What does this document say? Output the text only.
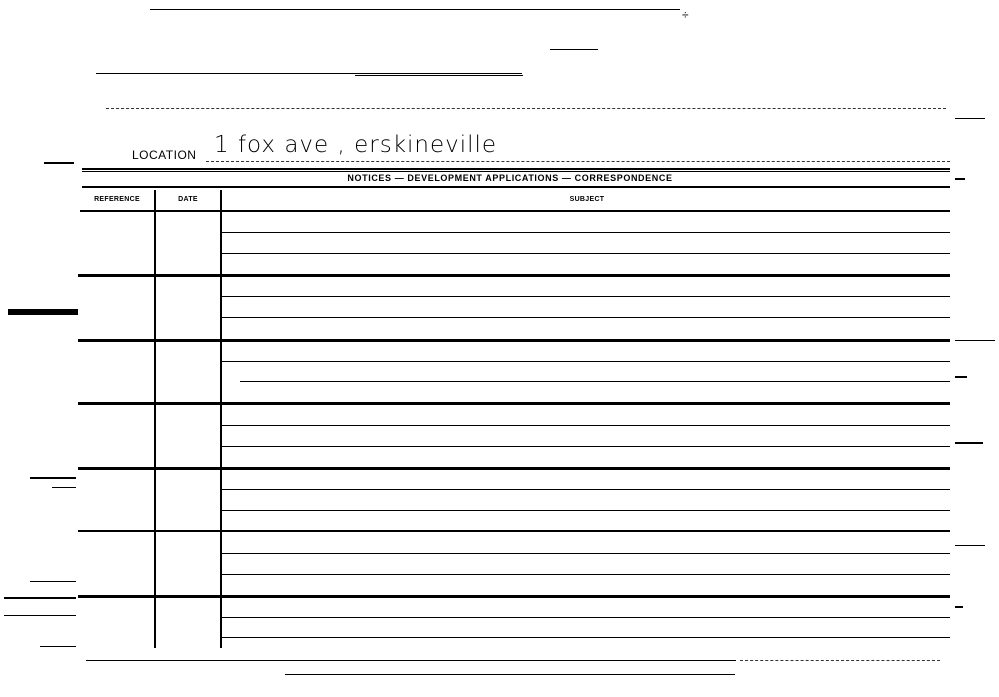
÷
LOCATION 1 fox ave , erskineville
NOTICES — DEVELOPMENT APPLICATIONS — CORRESPONDENCE
REFERENCE	DATE	SUBJECT
